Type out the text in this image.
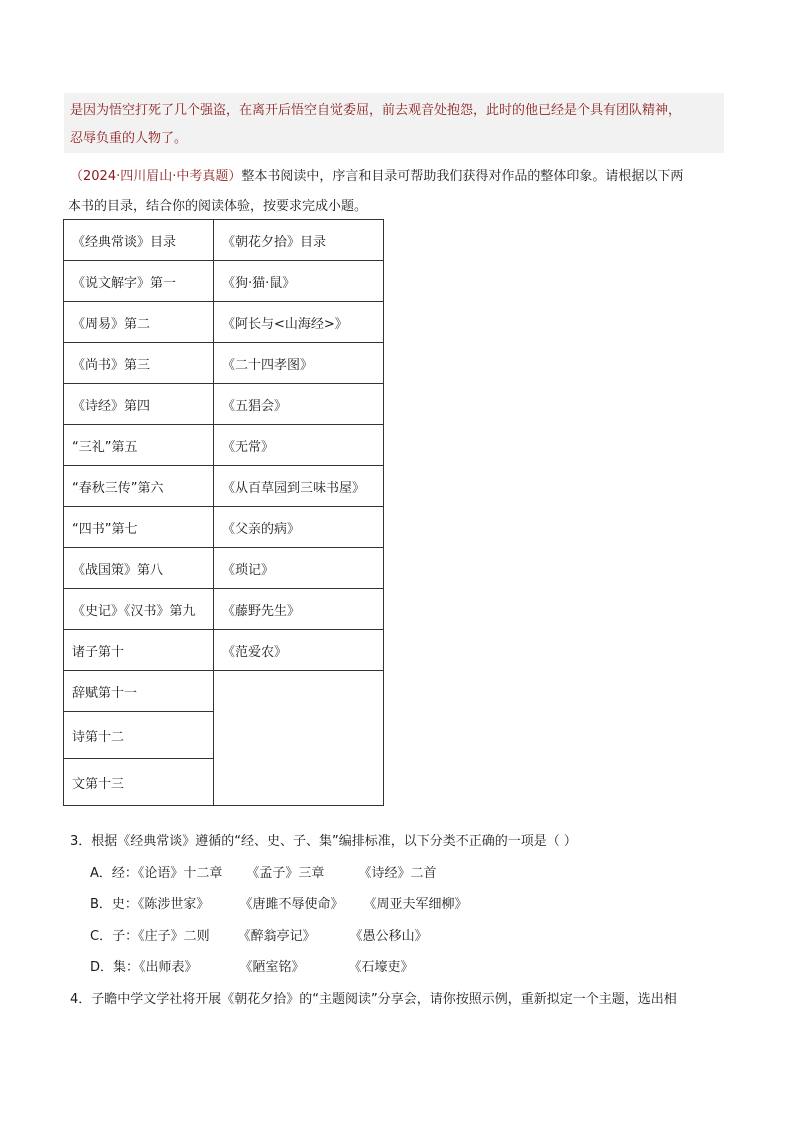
是因为悟空打死了几个强盗，在离开后悟空自觉委屈，前去观音处抱怨，此时的他已经是个具有团队精神，
忍辱负重的人物了。
（2024·四川眉山·中考真题）整本书阅读中，序言和目录可帮助我们获得对作品的整体印象。请根据以下两
本书的目录，结合你的阅读体验，按要求完成小题。
《经典常谈》目录	《朝花夕拾》目录
《说文解字》第一	《狗·猫·鼠》
《周易》第二	《阿长与<山海经>》
《尚书》第三	《二十四孝图》
《诗经》第四	《五猖会》
“三礼”第五	《无常》
“春秋三传”第六	《从百草园到三味书屋》
“四书”第七	《父亲的病》
《战国策》第八	《琐记》
《史记》《汉书》第九	《藤野先生》
诸子第十	《范爱农》
辞赋第十一	
诗第十二	
文第十三	
3．根据《经典常谈》遵循的“经、史、子、集”编排标准，以下分类不正确的一项是（ ）
A．经：《论语》十二章 《孟子》三章	《诗经》二首
B．史：《陈涉世家》 《唐雎不辱使命》 《周亚夫军细柳》
C．子：《庄子》二则 《醉翁亭记》	《愚公移山》
D．集：《出师表》	《陋室铭》	《石壕吏》
4．子瞻中学文学社将开展《朝花夕拾》的“主题阅读”分享会，请你按照示例，重新拟定一个主题，选出相
